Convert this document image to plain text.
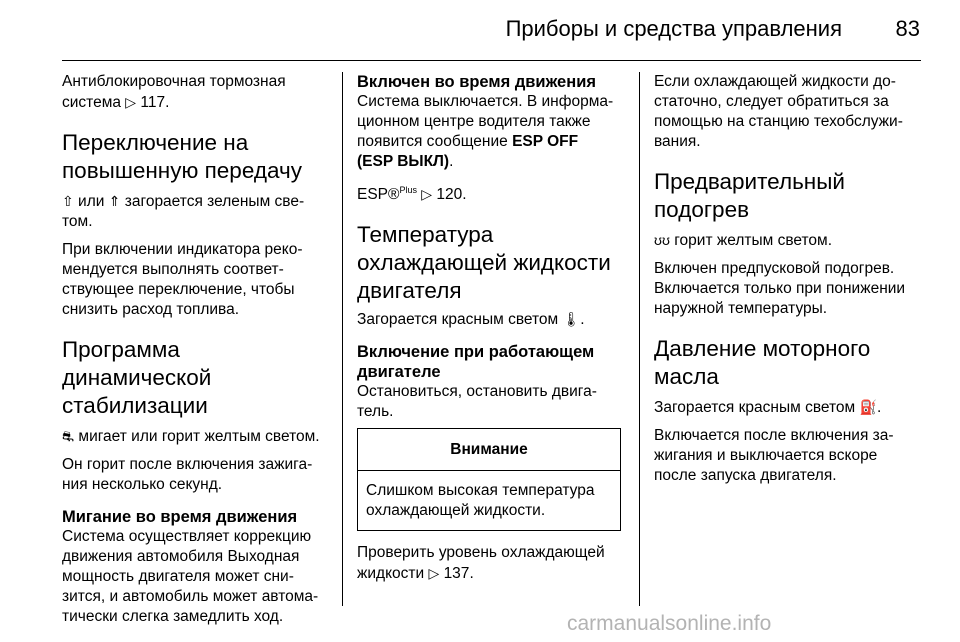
Приборы и средства управления 83

Антиблокировочная тормозная
система ▷ 117.

Переключение на
повышенную передачу

⇧ или ⇑ загорается зеленым све-
том.

При включении индикатора реко-
мендуется выполнять соответ-
ствующее переключение, чтобы
снизить расход топлива.

Программа
динамической
стабилизации

⛐ мигает или горит желтым светом.

Он горит после включения зажига-
ния несколько секунд.

Мигание во время движения

Система осуществляет коррекцию
движения автомобиля Выходная
мощность двигателя может сни-
зится, и автомобиль может автома-
тически слегка замедлить ход.

Включен во время движения

Система выключается. В информа-
ционном центре водителя также
появится сообщение ESP OFF
(ESP ВЫКЛ).

ESP®$^{Plus}$ ▷ 120.

Температура
охлаждающей жидкости
двигателя

Загорается красным светом 🌡.

Включение при работающем
двигателе

Остановиться, остановить двига-
тель.

Внимание

Слишком высокая температура
охлаждающей жидкости.

Проверить уровень охлаждающей
жидкости ▷ 137.

Если охлаждающей жидкости до-
статочно, следует обратиться за
помощью на станцию техобслужи-
вания.

Предварительный
подогрев

ʊʊ горит желтым светом.

Включен предпусковой подогрев.
Включается только при понижении
наружной температуры.

Давление моторного
масла

Загорается красным светом ⛽.

Включается после включения за-
жигания и выключается вскоре
после запуска двигателя.

carmanualsonline.info
